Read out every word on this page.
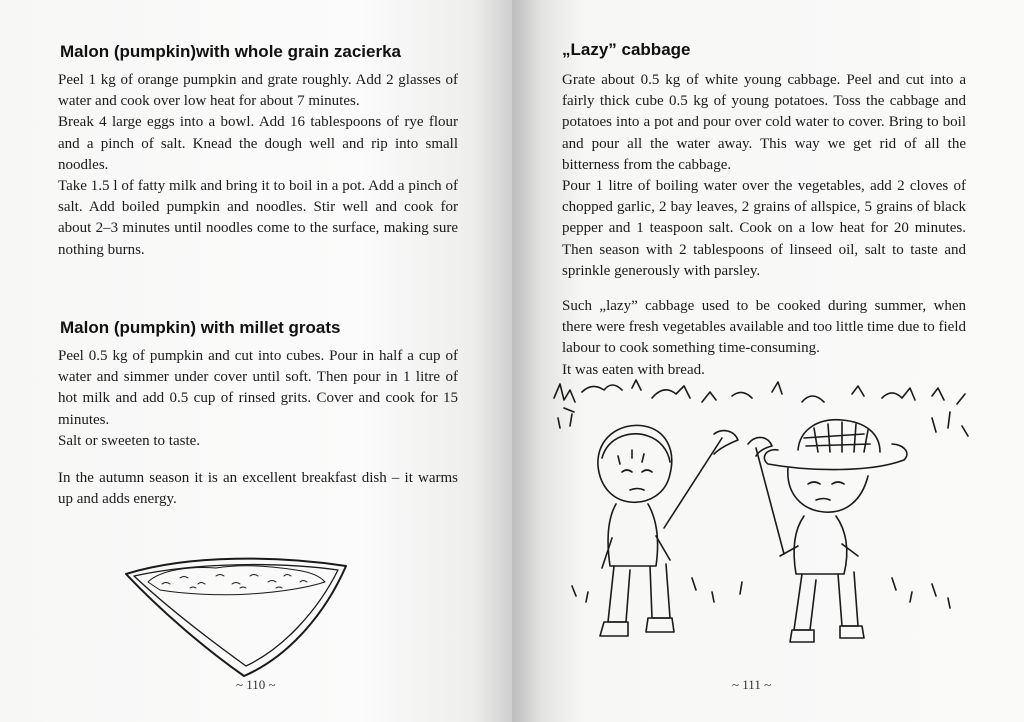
Malon (pumpkin)with whole grain zacierka

Peel 1 kg of orange pumpkin and grate roughly. Add 2 glasses of water and cook over low heat for about 7 minutes.

Break 4 large eggs into a bowl. Add 16 tablespoons of rye flour and a pinch of salt. Knead the dough well and rip into small noodles.

Take 1.5 l of fatty milk and bring it to boil in a pot. Add a pinch of salt. Add boiled pumpkin and noodles. Stir well and cook for about 2–3 minutes until noodles come to the surface, making sure nothing burns.

Malon (pumpkin) with millet groats

Peel 0.5 kg of pumpkin and cut into cubes. Pour in half a cup of water and simmer under cover until soft. Then pour in 1 litre of hot milk and add 0.5 cup of rinsed grits. Cover and cook for 15 minutes.

Salt or sweeten to taste.

In the autumn season it is an excellent breakfast dish – it warms up and adds energy.

~ 110 ~
„Lazy” cabbage

Grate about 0.5 kg of white young cabbage. Peel and cut into a fairly thick cube 0.5 kg of young potatoes. Toss the cabbage and potatoes into a pot and pour over cold water to cover. Bring to boil and pour all the water away. This way we get rid of all the bitterness from the cabbage.

Pour 1 litre of boiling water over the vegetables, add 2 cloves of chopped garlic, 2 bay leaves, 2 grains of allspice, 5 grains of black pepper and 1 teaspoon salt. Cook on a low heat for 20 minutes. Then season with 2 tablespoons of linseed oil, salt to taste and sprinkle generously with parsley.

Such „lazy” cabbage used to be cooked during summer, when there were fresh vegetables available and too little time due to field labour to cook something time-consuming.

It was eaten with bread.

~ 111 ~
